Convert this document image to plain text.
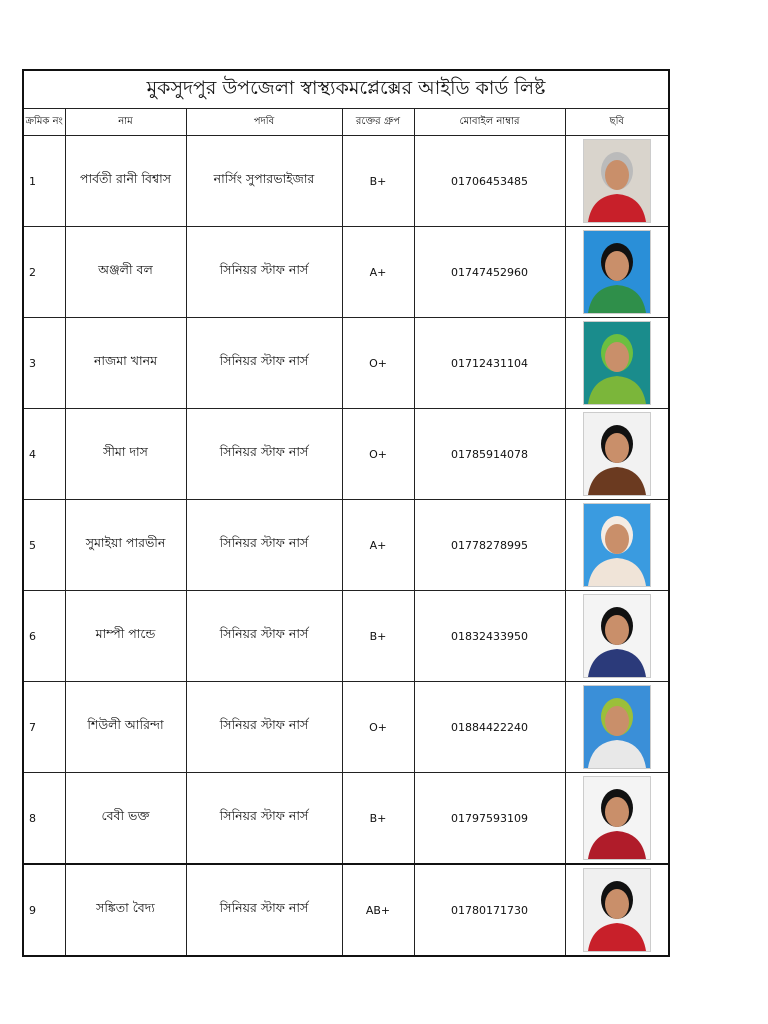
মুকসুদপুর উপজেলা স্বাস্থ্যকমপ্লেক্সের আইডি কার্ড লিষ্ট					
ক্রমিক নং	নাম	পদবি	রক্তের গ্রুপ	মোবাইল নাম্বার	ছবি
1	পার্বতী রানী বিশ্বাস	নার্সিং সুপারভাইজার	B+	01706453485	

2	অঞ্জলী বল	সিনিয়র স্টাফ নার্স	A+	01747452960	

3	নাজমা খানম	সিনিয়র স্টাফ নার্স	O+	01712431104	

4	সীমা দাস	সিনিয়র স্টাফ নার্স	O+	01785914078	

5	সুমাইয়া পারভীন	সিনিয়র স্টাফ নার্স	A+	01778278995	

6	মাম্পী পান্ডে	সিনিয়র স্টাফ নার্স	B+	01832433950	

7	শিউলী আরিন্দা	সিনিয়র স্টাফ নার্স	O+	01884422240	

8	বেবী ভক্ত	সিনিয়র স্টাফ নার্স	B+	01797593109	

9	সঙ্কিতা বৈদ্য	সিনিয়র স্টাফ নার্স	AB+	01780171730	
